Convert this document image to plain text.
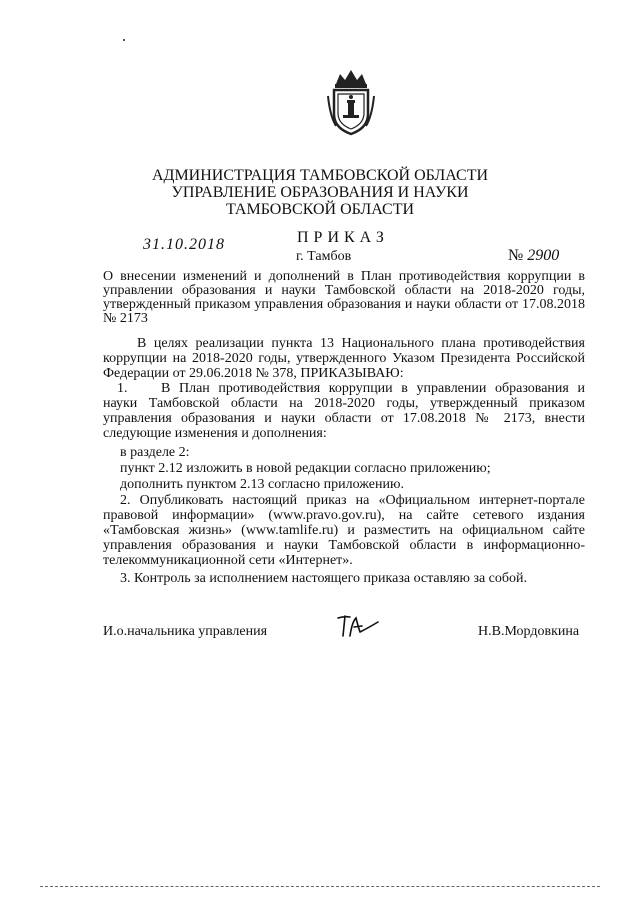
АДМИНИСТРАЦИЯ ТАМБОВСКОЙ ОБЛАСТИ
УПРАВЛЕНИЕ ОБРАЗОВАНИЯ И НАУКИ
ТАМБОВСКОЙ ОБЛАСТИ
31.10.2018	ПРИКАЗ
г. Тамбов	№ 2900
О внесении изменений и дополнений в План противодействия коррупции в управлении образования и науки Тамбовской области на 2018-2020 годы, утвержденный приказом управления образования и науки области от 17.08.2018 № 2173
В целях реализации пункта 13 Национального плана противодействия коррупции на 2018-2020 годы, утвержденного Указом Президента Российской Федерации от 29.06.2018 № 378, ПРИКАЗЫВАЮ:
1. В План противодействия коррупции в управлении образования и науки Тамбовской области на 2018-2020 годы, утвержденный приказом управления образования и науки области от 17.08.2018 № 2173, внести следующие изменения и дополнения:
в разделе 2:
пункт 2.12 изложить в новой редакции согласно приложению;
дополнить пунктом 2.13 согласно приложению.
2. Опубликовать настоящий приказ на «Официальном интернет-портале правовой информации» (www.pravo.gov.ru), на сайте сетевого издания «Тамбовская жизнь» (www.tamlife.ru) и разместить на официальном сайте управления образования и науки Тамбовской области в информационно-телекоммуникационной сети «Интернет».
3. Контроль за исполнением настоящего приказа оставляю за собой.
И.о.начальника управления	Н.В.Мордовкина
